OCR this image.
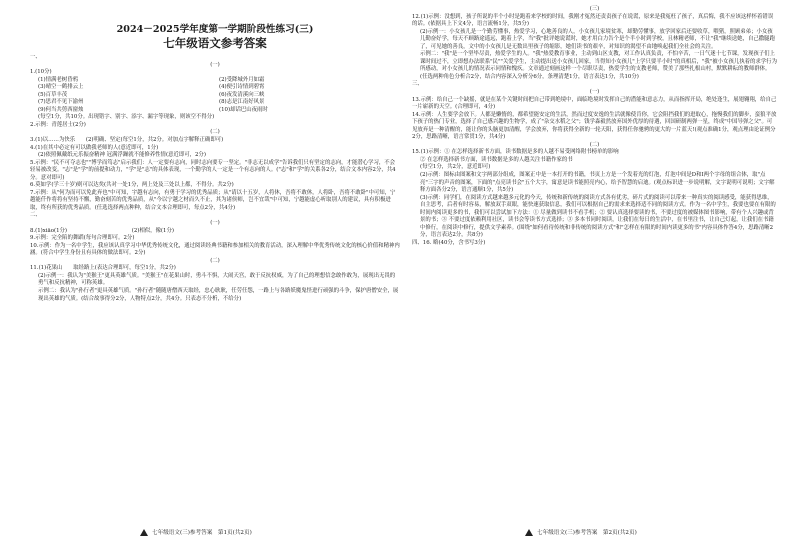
2024－2025学年度第一学期阶段性练习(三)
七年级语文参考答案
一、
(一)
1.(10分)
(1)情满老树昏鸦	(2)受降城外月如霜
(3)晴空一鹤排云上	(4)便引诗情到碧霄
(5)百草丰茂	(6)夜发清溪向三峡
(7)思君不见下渝州	(8)志是江南好风景
(9)何当共剪西窗烛	(10)却话巴山夜雨时
(每空1分，共10分。出现错字、别字、添字、漏字等现象，则该空不得分)
2.示例：青莲居士(2分)
(二)
3.(1)以……为快乐　　(2)明确、坚定(每空1分，共2分。对加点字解释正确即可)
4.(1)在其中必定有可以做我老师的人(意近即可，1分)
(2)依照佩戴纸元乐振奋精神 冠满浮躁就不能修养性情(意近即可，2分)
5.示例："民不可夺志也""博学而笃志"启示我们：人一定要有志向，同时志向要专一坚定。"非志无以成学"告诉我们只有坚定的志向，才能潜心学习，不会轻易被改变。"志"是"学"的前提和动力，"学"是"志"的具体表现，一个勤学的人一定是一个有志向的人。("志"和"学"的关系各2分，结合文本内容2分，共4分。意对即可)
6.莫如学(学三十岁)则可以达矣(共对一处1分，两上处及三处以上都，不得分。共2分)
7.示例：从"何为而可以免此弃也"中可知，宇越有志向，有勇于学习的优秀品质；从"请以十五岁，人将休，吾将不敢休，人将卧，吾将不敢卧"中可知，宁越能仟作将将有坚持不懈，勤奋刻苦的优秀品质，从"今以宁越之材而久不止，其为诸侯师，岂不宜哉"中可知，宁越能虚心听取别人的建议，具有积极进取，终有所获的优秀品质。(任选选择两点种种，结合文本合理即可，每点2分，共4分)
二、
(一)
8.(1)xiāo(1分)　　　　　　　　　　　　(2)相似，像(1分)
9.示例：完全陷的舞蹈(每句合理即可。2分)
10.示例：作为一名中学生，我应该认真学习中华优秀传统文化，通过阅读经典书籍和参加相关的教育活动，深入理解中华优秀传统文化的核心价值和精神内涵。(符合中学生身份且有具体的做法即可。2分)
(二)
11.(1)花果山　　取经路上(表达合理即可，每空1分，共2分)
(2)示例一：我认为"美猴王"更具英雄气质。"美猴王"在花果山时，勇斗不惧，大闹天宫，敢于反抗权威，为了自己的理想信念敢作敢为，展现出无畏的勇气和反抗精神，可称英雄。
示例二：我认为"孙行者"更具英雄气质。"孙行者"随随唐僧西天取经，忠心耿耿，任劳任怨，一路上与各路妖魔鬼怪进行顽强的斗争，保护唐僧安全，展现出英雄的气质。(结合故事得分2分，人物特点2分，共4分。只表态不分析，不给分)
(三)
12.(1)示例：没想到，孩子所说的半个小时是跑着来学校的时间，我刚才冤然还责责孩子在说谎，原来是我冤枉了孩子，真后悔，我不应该这样怀着错误的话。(依据具上下文4分，语言流畅1分，共5分)
(2)示例一：小女孩儿是一个勤劳懂事，热爱学习，心地善良的人，小女孩儿家境贫寒，却勤劳懂事，放学回家后还要收草，喂猪，照顾弟弟；小女孩儿勤奋好学，每天不顾路途遥远，跑着上学，当"我"批评她说谎时，她才用白力告个是个半小时到学校，且林精老师，不让"我"继续送她，自己撒腿跑了，可见她的善良，文中的小女孩儿是无数出里孩子的缩影，她们读书的艰辛，对知识的渴望不由地唤起我们全社会的关注。
示例二："我"是一个坚毕尽责，热爱学生的人。"我"热爱教育事业，主动到山区支教，对工作认真负责，不怕辛苦，一日气迷十七节课，发现孩子们上课时间过不，立即想办法联系"民""关爱学生，主动提出送小女孩儿回家，当得知小女孩儿"上学只要半小时"的真相后，"我"被小女孩儿执着的求学行为所感动，对小女孩儿的情况表示同情和愧疚。文章通过刻画这样一个尽职尽责，热爱学生的支教老师，赞美了那些扎根山村，默默耕耘的教师群体。(任选两种角色分析合2分，结合内容深入分析分6分，条理清楚1分，语言表达1分，共10分)
三、
(一)
13.示例：给自己一个缺摇，就是在某个关键时间把自己带到绝境中，面临绝境时发挥自己的潜能和意志力，从而指挥开局，绝处逢生，展翅翱翔，给自己一片崭新的天空。(合理即可，4分)
14.示例：人生要学会放下。人都是懒惰的，都希望能安定的生活，然而过度安逸的生活就像使肯你，它会阻挡我们的进取心，拖慢我们的脚步，蛮狼平放下孩子的热门专业，选择了自己感兴趣的生物学，成了"杂交水稻之父"；钱学森毅然放弃国外优厚的待遇，回国研制两弹一星，终成"中国导弹之父"。可见放弃是一种清醒的，能让你的头脑更加清醒，学会放弃，你将获得全新的一轮天阳，获得任你驰骋的更大的一片蓝天!(观点准确1分，观点理由论证例分2分，思路清晰，语言常贯1分，共4分)
(二)
15.(1)示例：① 在怎样选择新书方面，读书数据是多的人越不易受网络附书榜单的影响
② 在怎样选择新书方面，读书数据是多的人越关注书籍作家的书
(每空1分，共2分，意近即可)
(2)示例：图标由图案和文字两部分组成，图案正中是一本打开的书籍，书页上方是一个发着光的灯泡，灯泡中间是D和I两个字母的组合体，取"点亮"三字的声音的图案，下面的"点亮读书会"五个大字，寓意是读书能照亮内心，给予智慧的启迪。(观点标识进一步说明解，文字说明可说明；文字解释方面各分2分，语言通顺1分，共5分)
(3)示例：同学们，在阅读方式越来越多元化的今天，传统和新传统的阅读方式各有优劣，碎片式的阅读可以带来一种真实的阅读感受，能获得思维，自主思考，后者有时容易，解放双手双眼，能快速获取信息，我们可以根据自己的需求来选择适不同的阅读方式。作为一名中学生，我要也要在有限的时间内阅读更多的书，我们可以尝试加下方法：① 尽量做到读书不看手机；② 要认真选择要读的书，不要过度的被媒体图书影响，带有个人兴趣或背景的书；③ 不要过度依赖利用社区，读书会等读书方式选择；③ 多本书同时阅读，让我们在每日的生活中，在书里注书，让自己灯起，让我们在书籍中修行，在阅读中修行，提供文学素养。(围绕"如何看待传统和非传统的阅读方式"和"怎样在有限的时间内读更多的书"内容具体作答4分，思路清晰2分，语言表达2分，共8分)
四、16. 略(40分，含书写3分)
七年级语文(三)参考答案　第1页(共2页)	七年级语文(三)参考答案　第2页(共2页)
